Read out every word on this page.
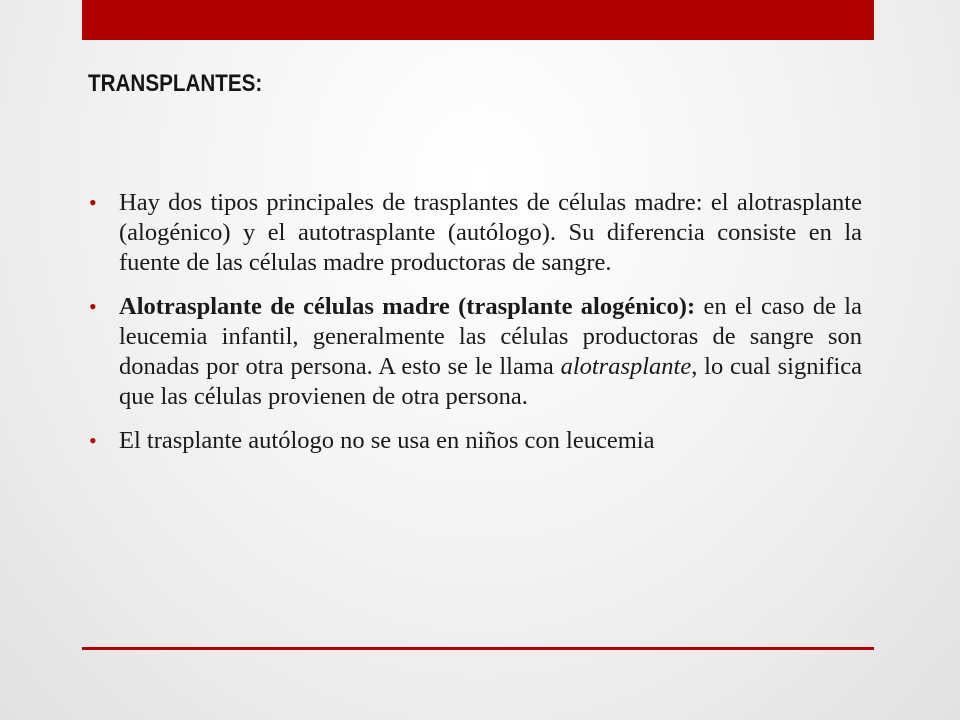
TRANSPLANTES:
• Hay dos tipos principales de trasplantes de células madre: el alotrasplante (alogénico) y el autotrasplante (autólogo). Su diferencia consiste en la fuente de las células madre productoras de sangre.
• Alotrasplante de células madre (trasplante alogénico): en el caso de la leucemia infantil, generalmente las células productoras de sangre son donadas por otra persona. A esto se le llama alotrasplante, lo cual significa que las células provienen de otra persona.
• El trasplante autólogo no se usa en niños con leucemia
